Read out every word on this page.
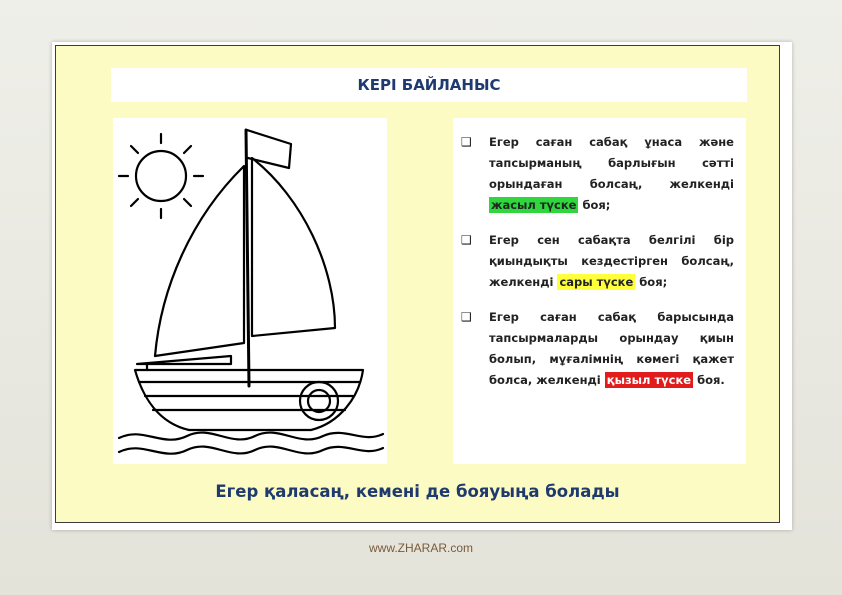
КЕРІ БАЙЛАНЫС
❑ Егер саған сабақ ұнаса және тапсырманың барлығын сәтті орындаған болсаң, желкенді жасыл түске боя;
❑ Егер сен сабақта белгілі бір қиындықты кездестірген болсаң, желкенді сары түске боя;
❑ Егер саған сабақ барысында тапсырмаларды орындау қиын болып, мұғалімнің көмегі қажет болса, желкенді қызыл түске боя.
Егер қаласаң, кемені де бояуыңа болады
www.ZHARAR.com
